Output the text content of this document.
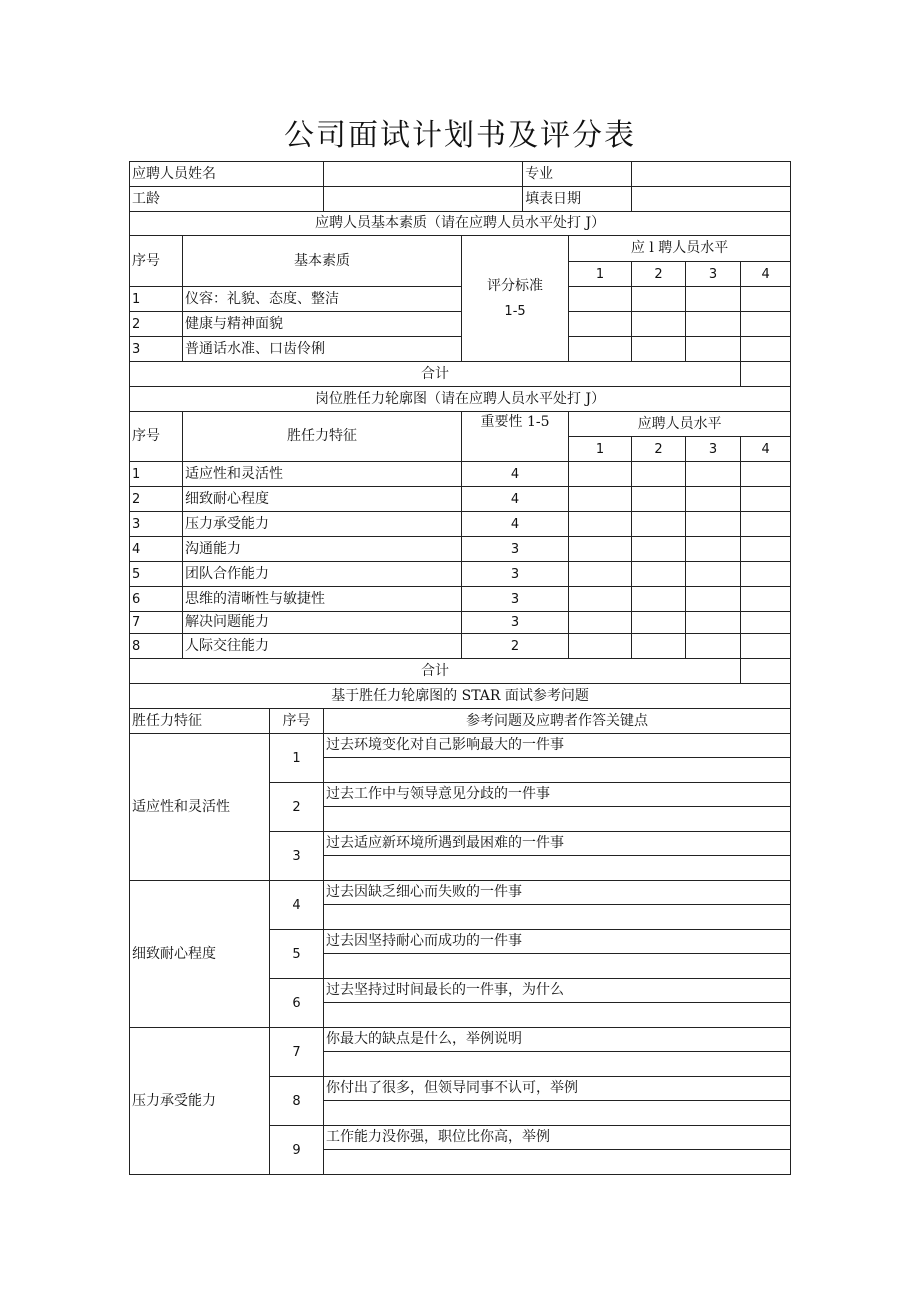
公司面试计划书及评分表
应聘人员姓名					专业					
工龄					填表日期					
应聘人员基本素质（请在应聘人员水平处打 J）										
序号	基本素质			评分标准
1-5		应 l 聘人员水平				
						1	2	3	4	
1	仪容：礼貌、态度、整洁									
2	健康与精神面貌									
3	普通话水准、口齿伶俐									
合计										
岗位胜任力轮廓图（请在应聘人员水平处打 J）										
序号	胜任力特征			重要性 1-5		应聘人员水平				
						1	2	3	4	
1	适应性和灵活性			4						
2	细致耐心程度			4						
3	压力承受能力			4						
4	沟通能力			3						
5	团队合作能力			3						
6	思维的清晰性与敏捷性			3						
7	解决问题能力			3						
8	人际交往能力			2						
合计										
基于胜任力轮廓图的 STAR 面试参考问题										
胜任力特征		序号	参考问题及应聘者作答关键点							
适应性和灵活性		1	过去环境变化对自己影响最大的一件事							

		2	过去工作中与领导意见分歧的一件事							

		3	过去适应新环境所遇到最困难的一件事							

细致耐心程度		4	过去因缺乏细心而失败的一件事							

		5	过去因坚持耐心而成功的一件事							

		6	过去坚持过时间最长的一件事，为什么							

压力承受能力		7	你最大的缺点是什么，举例说明							

		8	你付出了很多，但领导同事不认可，举例							

		9	工作能力没你强，职位比你高，举例							
